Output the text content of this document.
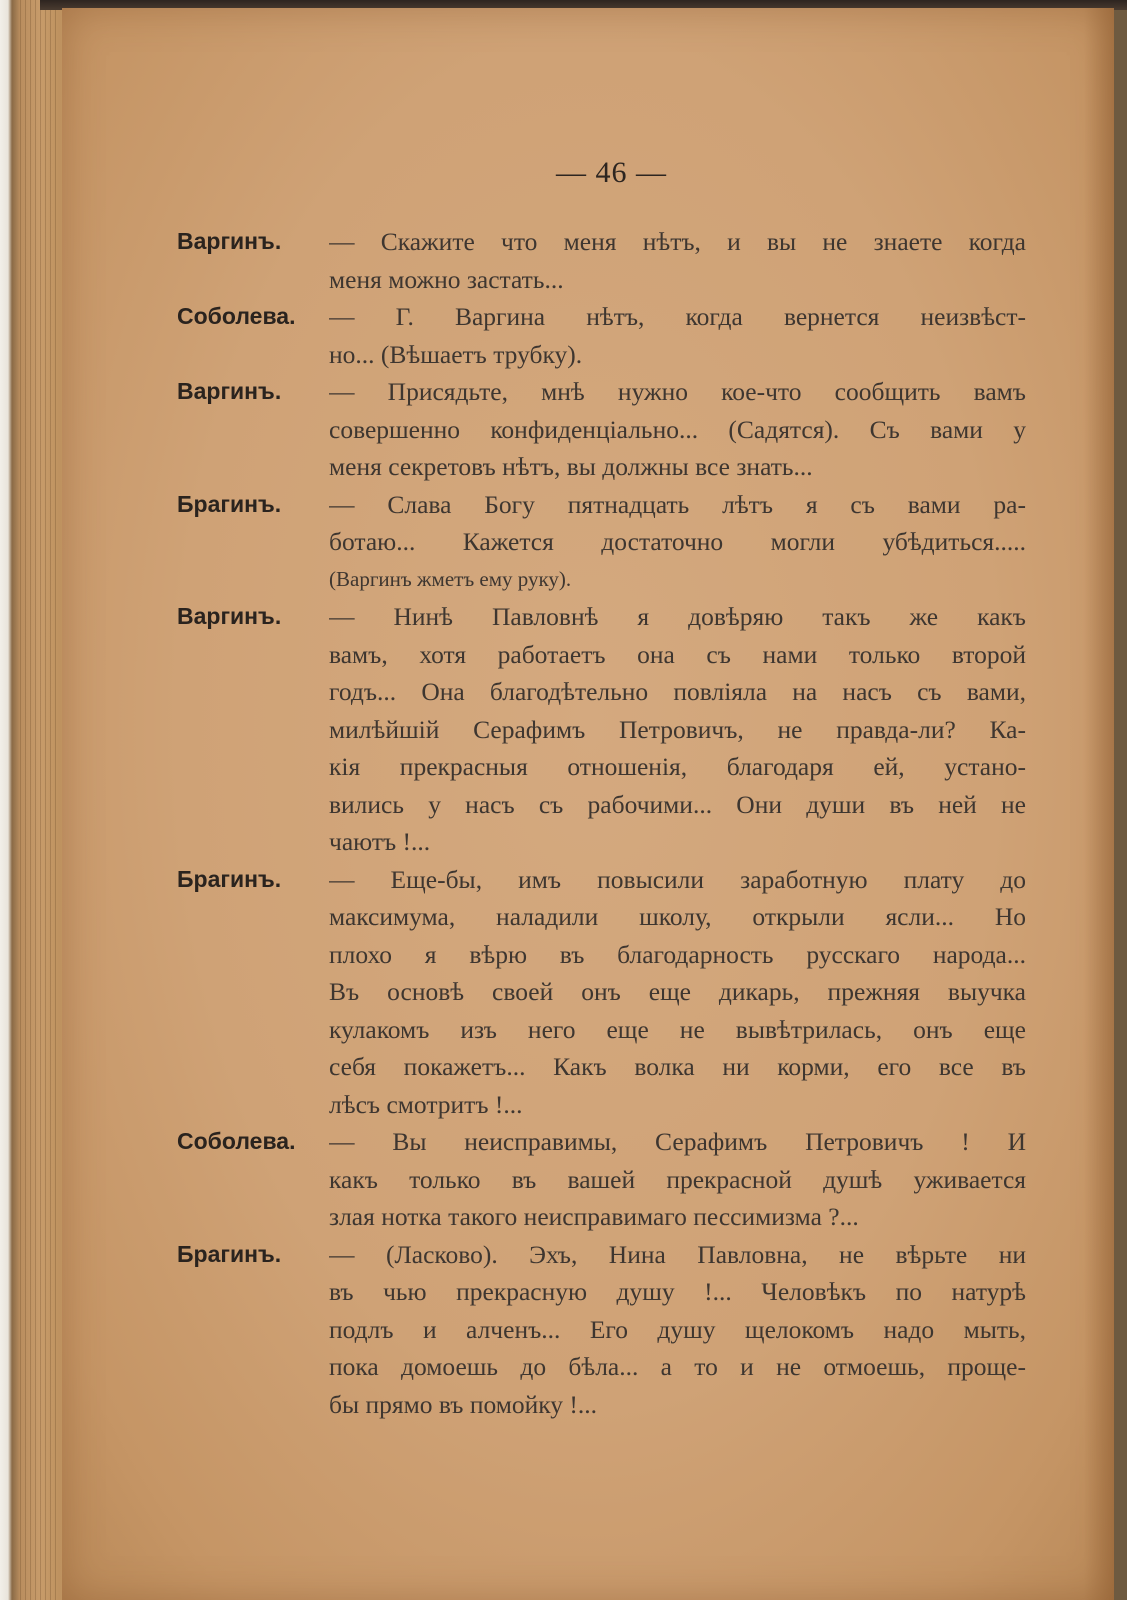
— 46 —
Варгинъ.	— Скажите что меня нѣтъ, и вы не знаете когда
меня можно застать...
Соболева.	— Г. Варгина нѣтъ, когда вернется неизвѣст-
но... (Вѣшаетъ трубку).
Варгинъ.	— Присядьте, мнѣ нужно кое-что сообщить вамъ
совершенно конфиденціально... (Садятся). Съ вами у
меня секретовъ нѣтъ, вы должны все знать...
Брагинъ.	— Слава Богу пятнадцать лѣтъ я съ вами ра-
ботаю... Кажется достаточно могли убѣдиться.....
(Варгинъ жметъ ему руку).
Варгинъ.	— Нинѣ Павловнѣ я довѣряю такъ же какъ
вамъ, хотя работаетъ она съ нами только второй
годъ... Она благодѣтельно повліяла на насъ съ вами,
милѣйшій Серафимъ Петровичъ, не правда-ли? Ка-
кія прекрасныя отношенія, благодаря ей, устано-
вились у насъ съ рабочими... Они души въ ней не
чаютъ !...
Брагинъ.	— Еще-бы, имъ повысили заработную плату до
максимума, наладили школу, открыли ясли... Но
плохо я вѣрю въ благодарность русскаго народа...
Въ основѣ своей онъ еще дикарь, прежняя выучка
кулакомъ изъ него еще не вывѣтрилась, онъ еще
себя покажетъ... Какъ волка ни корми, его все въ
лѣсъ смотритъ !...
Соболева.	— Вы неисправимы, Серафимъ Петровичъ ! И
какъ только въ вашей прекрасной душѣ уживается
злая нотка такого неисправимаго пессимизма ?...
Брагинъ.	— (Ласково). Эхъ, Нина Павловна, не вѣрьте ни
въ чью прекрасную душу !... Человѣкъ по натурѣ
подлъ и алченъ... Его душу щелокомъ надо мыть,
пока домоешь до бѣла... а то и не отмоешь, проще-
бы прямо въ помойку !...
